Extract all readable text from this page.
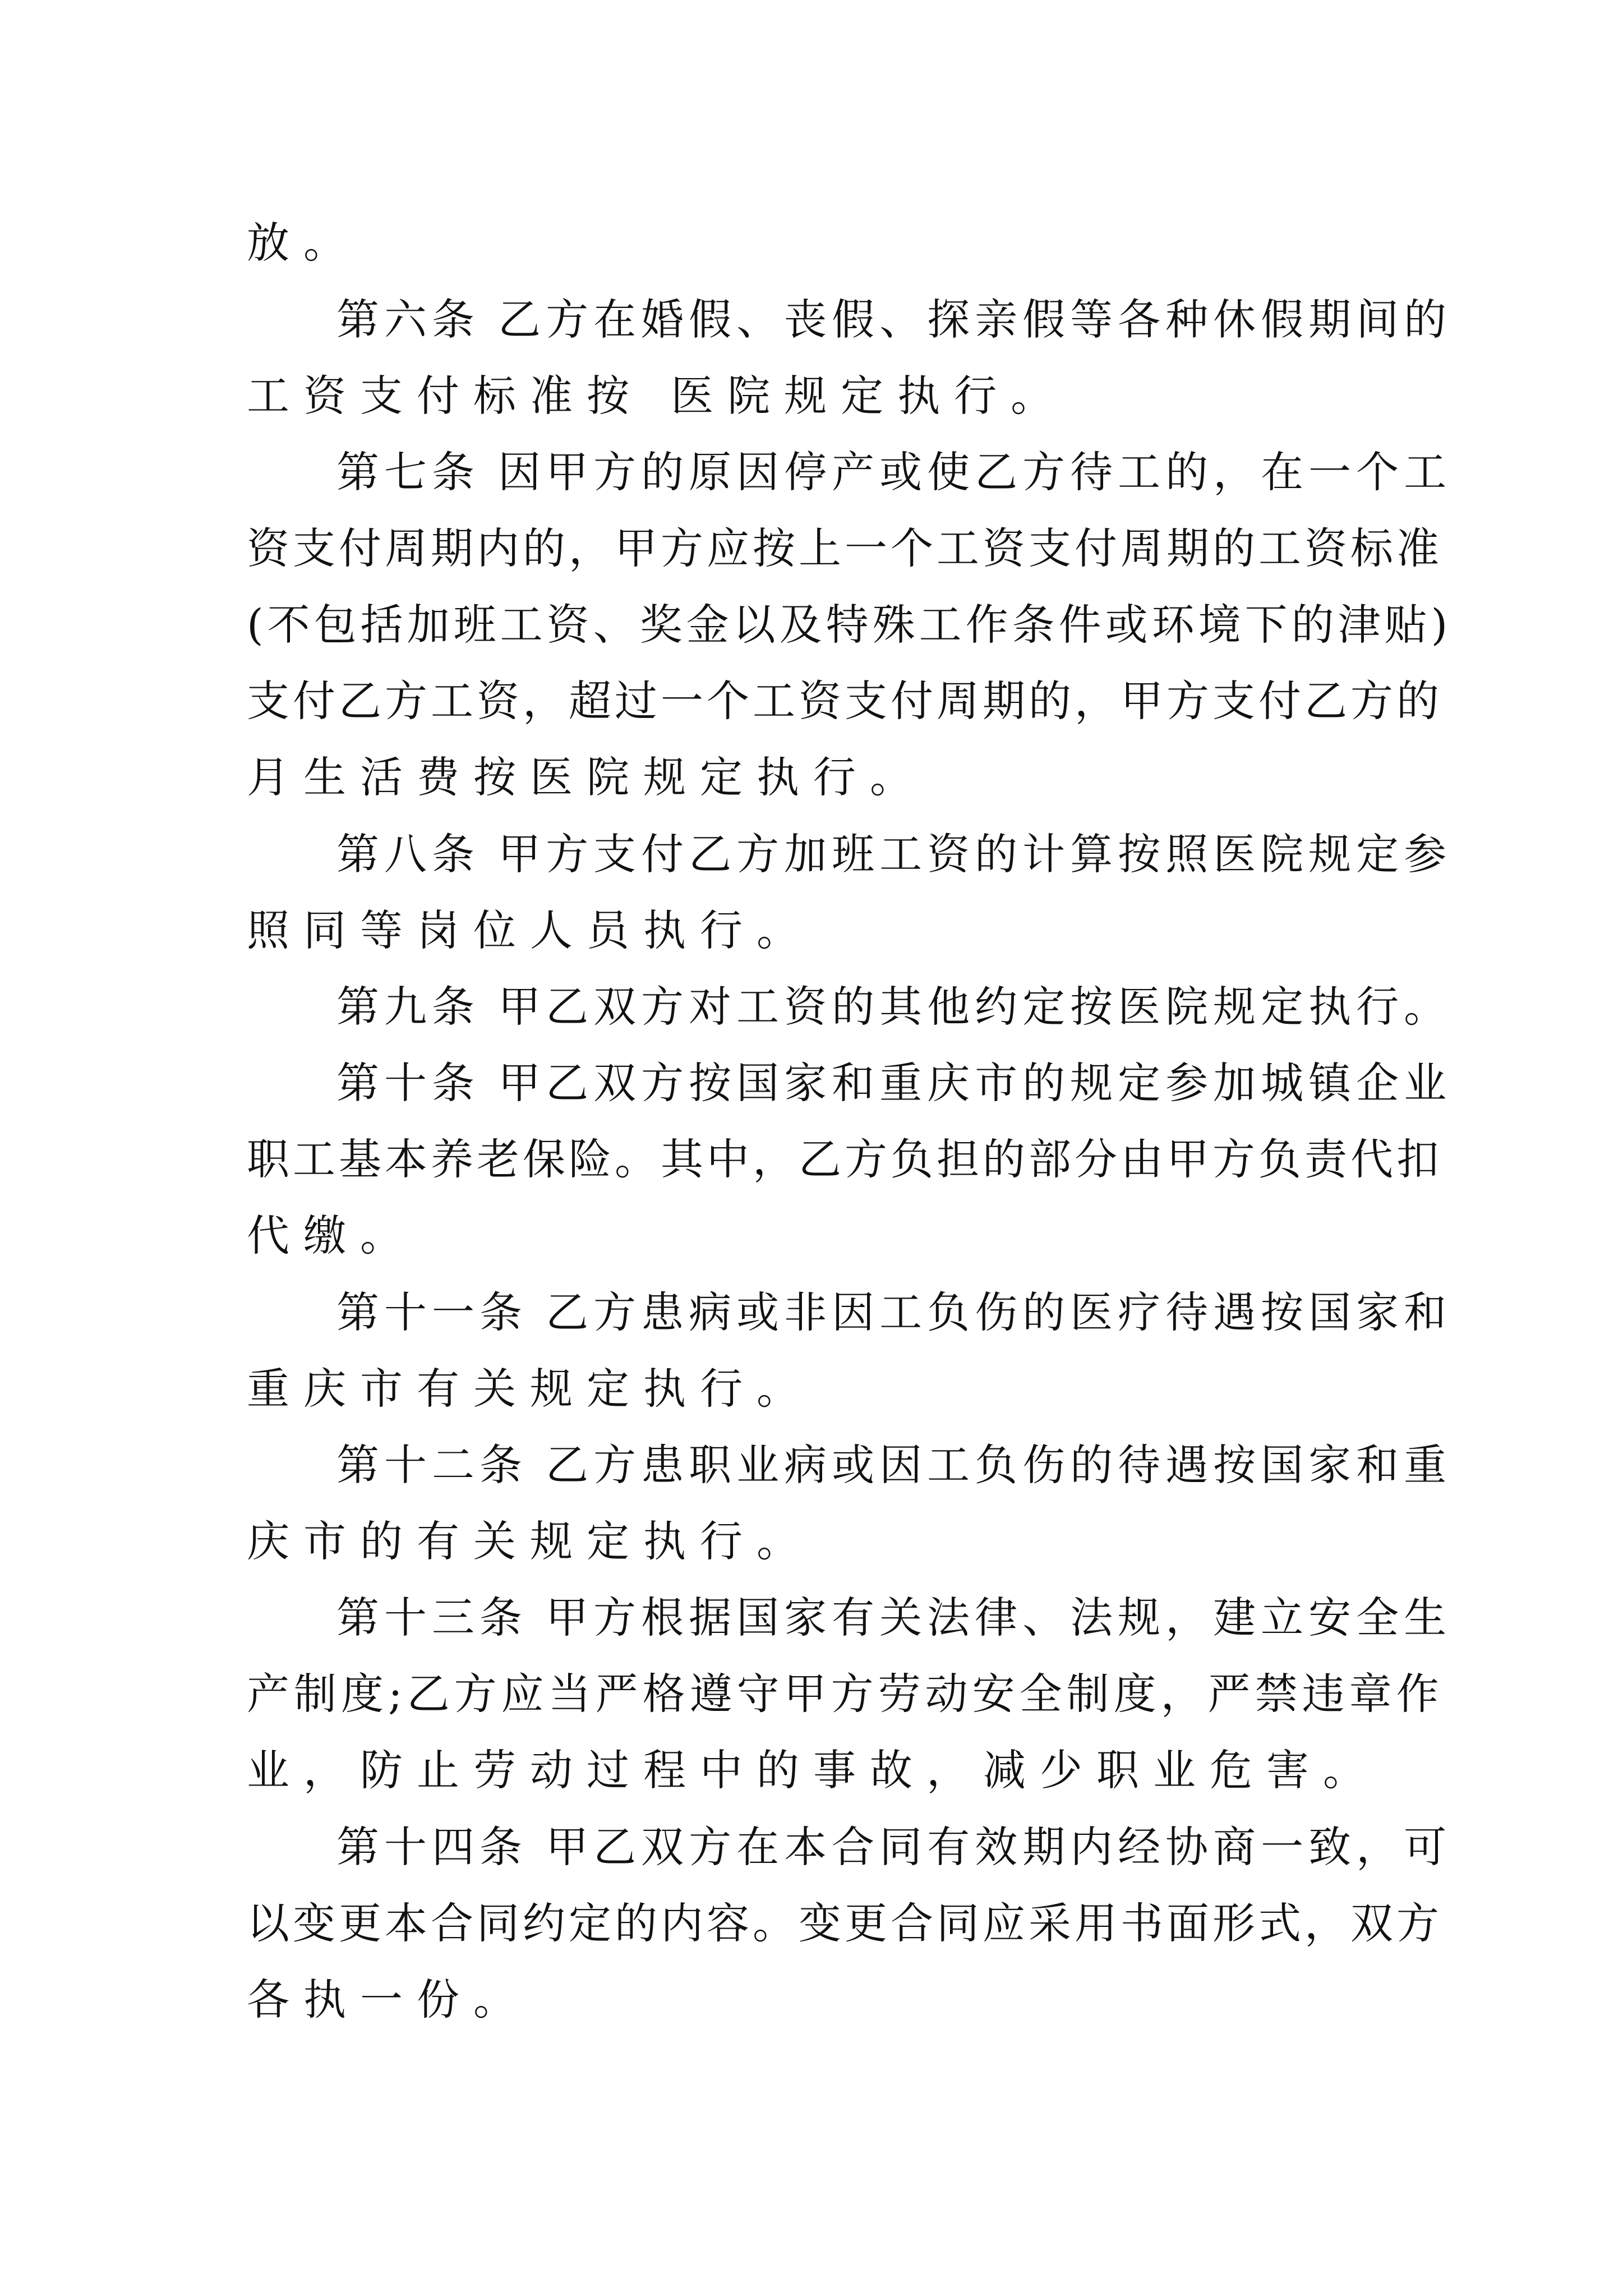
放。
第六条 乙方在婚假、丧假、探亲假等各种休假期间的
工资支付标准按 医院规定执行。
第七条 因甲方的原因停产或使乙方待工的，在一个工
资支付周期内的，甲方应按上一个工资支付周期的工资标准
(不包括加班工资、奖金以及特殊工作条件或环境下的津贴)
支付乙方工资，超过一个工资支付周期的，甲方支付乙方的
月生活费按医院规定执行。
第八条 甲方支付乙方加班工资的计算按照医院规定参
照同等岗位人员执行。
第九条 甲乙双方对工资的其他约定按医院规定执行。
第十条 甲乙双方按国家和重庆市的规定参加城镇企业
职工基本养老保险。其中，乙方负担的部分由甲方负责代扣
代缴。
第十一条 乙方患病或非因工负伤的医疗待遇按国家和
重庆市有关规定执行。
第十二条 乙方患职业病或因工负伤的待遇按国家和重
庆市的有关规定执行。
第十三条 甲方根据国家有关法律、法规，建立安全生
产制度;乙方应当严格遵守甲方劳动安全制度，严禁违章作
业，防止劳动过程中的事故，减少职业危害。
第十四条 甲乙双方在本合同有效期内经协商一致，可
以变更本合同约定的内容。变更合同应采用书面形式，双方
各执一份。
